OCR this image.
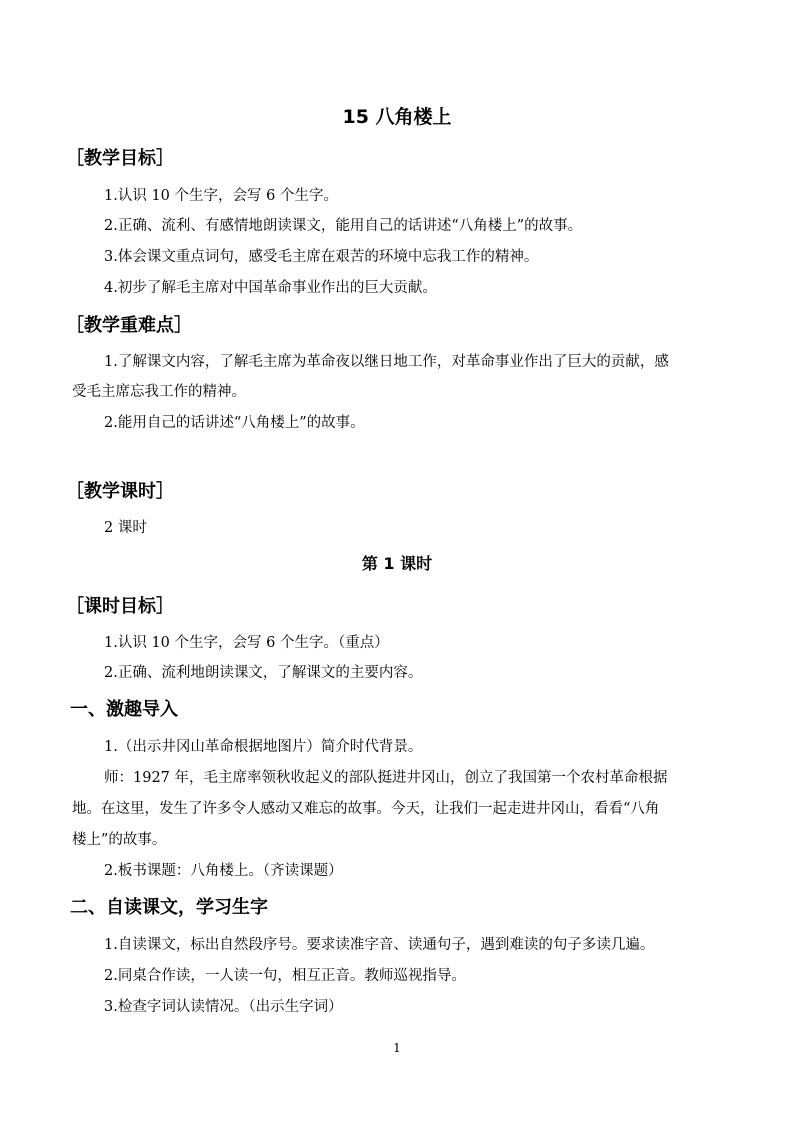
15 八角楼上
［教学目标］

1.认识 10 个生字，会写 6 个生字。

2.正确、流利、有感情地朗读课文，能用自己的话讲述“八角楼上”的故事。

3.体会课文重点词句，感受毛主席在艰苦的环境中忘我工作的精神。

4.初步了解毛主席对中国革命事业作出的巨大贡献。

［教学重难点］

1.了解课文内容，了解毛主席为革命夜以继日地工作，对革命事业作出了巨大的贡献，感

受毛主席忘我工作的精神。

2.能用自己的话讲述“八角楼上”的故事。

［教学课时］

2 课时

第 1 课时
［课时目标］

1.认识 10 个生字，会写 6 个生字。（重点）

2.正确、流利地朗读课文，了解课文的主要内容。

一、激趣导入

1.（出示井冈山革命根据地图片）简介时代背景。

师：1927 年，毛主席率领秋收起义的部队挺进井冈山，创立了我国第一个农村革命根据

地。在这里，发生了许多令人感动又难忘的故事。今天，让我们一起走进井冈山，看看“八角

楼上”的故事。

2.板书课题：八角楼上。（齐读课题）

二、自读课文，学习生字

1.自读课文，标出自然段序号。要求读准字音、读通句子，遇到难读的句子多读几遍。

2.同桌合作读，一人读一句，相互正音。教师巡视指导。

3.检查字词认读情况。（出示生字词）

1
